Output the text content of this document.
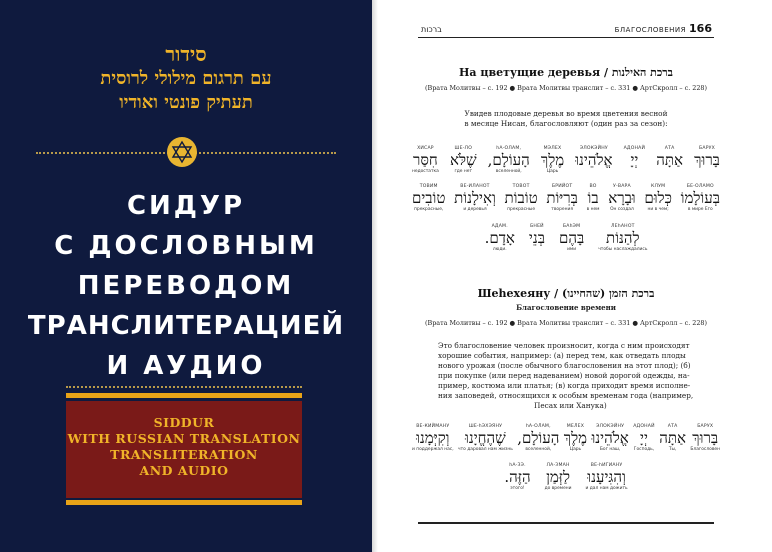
סידור
עם תרגום מילולי לרוסית
תעתיק פונטי ואודיו
СИДУР
С ДОСЛОВНЫМ
ПЕРЕВОДОМ
ТРАНСЛИТЕРАЦИЕЙ
И АУДИО
SIDDUR
WITH RUSSIAN TRANSLATION
TRANSLITERATION
AND AUDIO
ברכות	БЛАГОСЛОВЕНИЯ 166
На цветущие деревья / ברכת האילנות
(Врата Молитвы – с. 192 ● Врата Молитвы транслит – с. 331 ● АртСкролл – с. 228)
Увидев плодовые деревья во время цветения весной
в месяце Нисан, благословляют (один раз за сезон):
БАРУХ
בָּרוּךְ
АТА
אַתָּה
АДОНАЙ
יְיָ
ЭЛОКЭЙНУ
אֱלֹהֵינוּ
МЭЛЕХ
מֶלֶךְ
Царь
hА-ОЛАМ,
הָעוֹלָם,
вселенной,
ШЕ-ЛО
שֶׁלֹּא
где нет
ХИСАР
חִסַּר
недостатка
БЕ-ОЛАМО
בְּעוֹלָמוֹ
в мире Его
КЛУМ
כְּלוּם
ни в чем;
У-ВАРА
וּבָרָא
Он создал
ВО
בוֹ
в нем
БРИЙОТ
בְּרִיּוֹת
творения
ТОВОТ
טוֹבוֹת
прекрасные
ВЕ-ИЛАНОТ
וְאִילָנוֹת
и деревья
ТОВИМ
טוֹבִים
прекрасные,
ЛЕhАНОТ
לְהַנּוֹת
чтобы наслаждались
БАhЭМ
בָּהֶם
ими
БНЕЙ
בְּנֵי
АДАМ.
אָדָם.
люди.
Шеhехеяну / ברכת הזמן (שהחיינו)
Благословение времени
(Врата Молитвы – с. 192 ● Врата Молитвы транслит – с. 331 ● АртСкролл – с. 228)
Это благословение человек произносит, когда с ним происходят
хорошие события, например: (а) перед тем, как отведать плоды
нового урожая (после обычного благословения на этот плод); (б)
при покупке (или перед надеванием) новой дорогой одежды, на-
пример, костюма или платья; (в) когда приходит время исполне-
ния заповедей, относящихся к особым временам года (например,
Песах или Ханука)
БАРУХ
בָּרוּךְ
Благословен
АТА
אַתָּה
Ты,
АДОНАЙ
יְיָ
Господь,
ЭЛОКЭЙНУ
אֱלֹהֵינוּ
Бог наш,
МЕЛЕХ
מֶלֶךְ
Царь
hА-ОЛАМ,
הָעוֹלָם,
вселенной,
ШЕ-hЭХЭЯНУ
שֶׁהֶחֱיָנוּ
что даровал нам жизнь
ВЕ-КИЙМАНУ
וְקִיְּמָנוּ
и поддержал нас,
ВЕ-hИГИАНУ
וְהִגִּיעָנוּ
и дал нам дожить
ЛА-ЗМАН
לַזְּמַן
до времени
hА-ЗЭ.
הַזֶּה.
этого!
